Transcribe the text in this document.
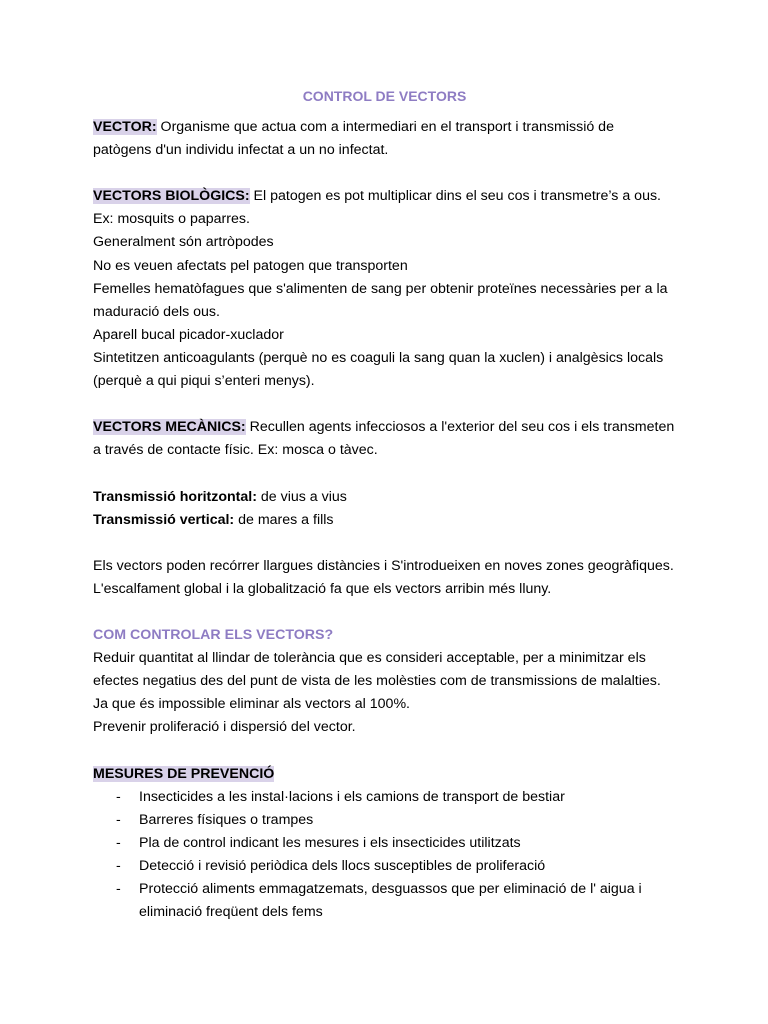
CONTROL DE VECTORS

VECTOR: Organisme que actua com a intermediari en el transport i transmissió de patògens d'un individu infectat a un no infectat.

VECTORS BIOLÒGICS: El patogen es pot multiplicar dins el seu cos i transmetre’s a ous.

Ex: mosquits o paparres.

Generalment són artròpodes

No es veuen afectats pel patogen que transporten

Femelles hematòfagues que s'alimenten de sang per obtenir proteïnes necessàries per a la maduració dels ous.

Aparell bucal picador-xuclador

Sintetitzen anticoagulants (perquè no es coaguli la sang quan la xuclen) i analgèsics locals (perquè a qui piqui s’enteri menys).

VECTORS MECÀNICS: Recullen agents infecciosos a l'exterior del seu cos i els transmeten a través de contacte físic. Ex: mosca o tàvec.

Transmissió horitzontal: de vius a vius

Transmissió vertical: de mares a fills

Els vectors poden recórrer llargues distàncies i S'introdueixen en noves zones geogràfiques.

L'escalfament global i la globalització fa que els vectors arribin més lluny.

COM CONTROLAR ELS VECTORS?

Reduir quantitat al llindar de tolerància que es consideri acceptable, per a minimitzar els efectes negatius des del punt de vista de les molèsties com de transmissions de malalties.

Ja que és impossible eliminar als vectors al 100%.

Prevenir proliferació i dispersió del vector.

MESURES DE PREVENCIÓ

- Insecticides a les instal·lacions i els camions de transport de bestiar
- Barreres físiques o trampes
- Pla de control indicant les mesures i els insecticides utilitzats
- Detecció i revisió periòdica dels llocs susceptibles de proliferació
- Protecció aliments emmagatzemats, desguassos que per eliminació de l' aigua i eliminació freqüent dels fems
